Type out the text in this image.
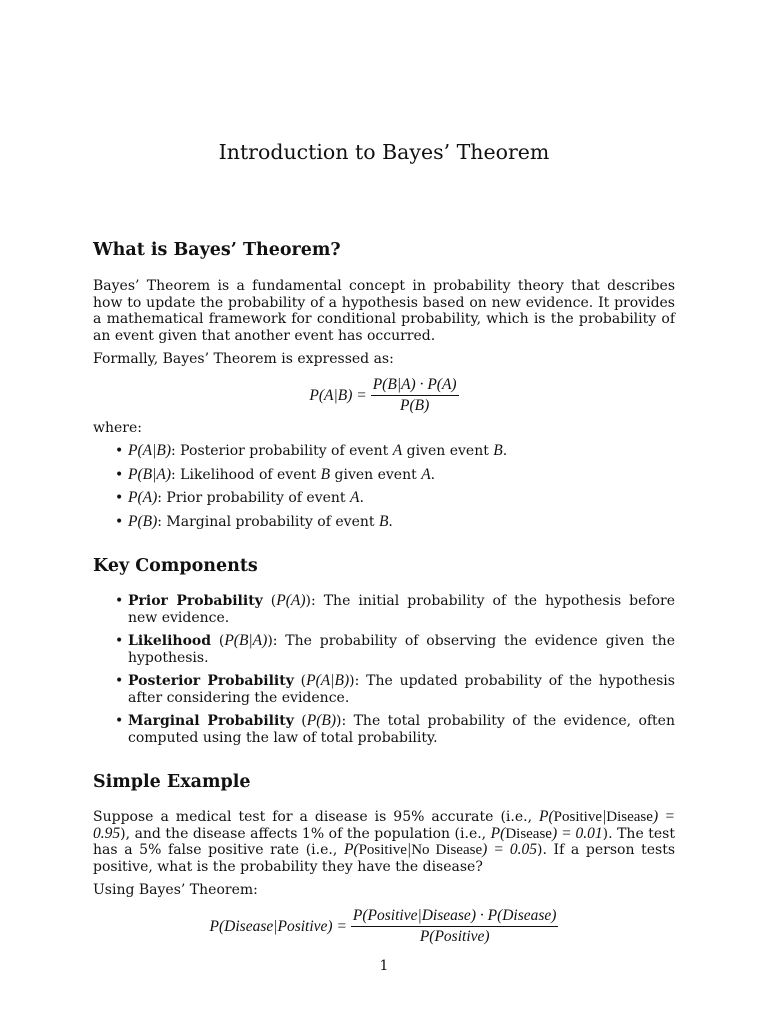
Introduction to Bayes’ Theorem
What is Bayes’ Theorem?

Bayes’ Theorem is a fundamental concept in probability theory that describes how to update the probability of a hypothesis based on new evidence. It provides a mathematical framework for conditional probability, which is the probability of an event given that another event has occurred.

Formally, Bayes’ Theorem is expressed as:

$P(A|B) = \frac{P(B|A) \cdot P(A)}{P(B)}$

where:

• P(A|B): Posterior probability of event A given event B.
• P(B|A): Likelihood of event B given event A.
• P(A): Prior probability of event A.
• P(B): Marginal probability of event B.
Key Components
• Prior Probability (P(A)): The initial probability of the hypothesis before new evidence.
• Likelihood (P(B|A)): The probability of observing the evidence given the hypothesis.
• Posterior Probability (P(A|B)): The updated probability of the hypothesis after considering the evidence.
• Marginal Probability (P(B)): The total probability of the evidence, often computed using the law of total probability.
Simple Example

Suppose a medical test for a disease is 95% accurate (i.e., P(Positive|Disease) = 0.95), and the disease affects 1% of the population (i.e., P(Disease) = 0.01). The test has a 5% false positive rate (i.e., P(Positive|No Disease) = 0.05). If a person tests positive, what is the probability they have the disease?

Using Bayes’ Theorem:

P(Disease|Positive) = $\frac{\text{P(Positive|Disease) · P(Disease)}}{\text{P(Positive)}}$
1
